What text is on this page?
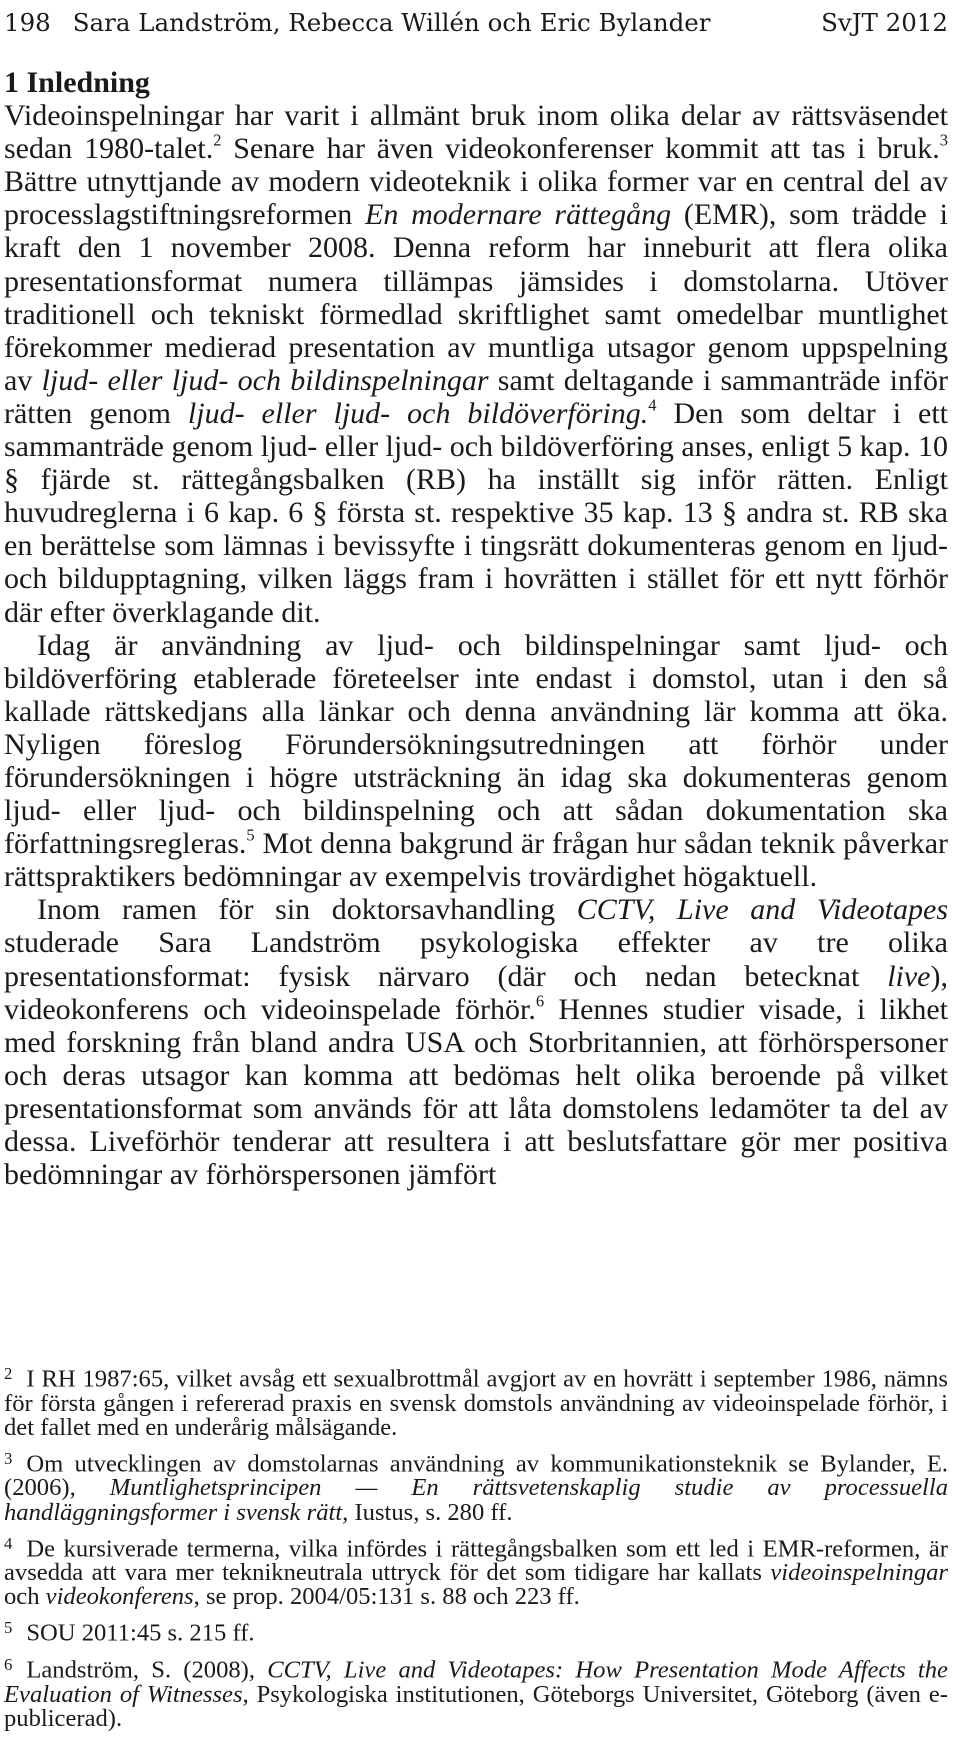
198 Sara Landström, Rebecca Willén och Eric Bylander	SvJT 2012
1 Inledning

Videoinspelningar har varit i allmänt bruk inom olika delar av rättsväsendet sedan 1980-talet.$^2$ Senare har även videokonferenser kommit att tas i bruk.$^3$ Bättre utnyttjande av modern videoteknik i olika former var en central del av processlagstiftningsreformen En modernare rättegång (EMR), som trädde i kraft den 1 november 2008. Denna reform har inneburit att flera olika presentationsformat numera tillämpas jämsides i domstolarna. Utöver traditionell och tekniskt förmedlad skriftlighet samt omedelbar muntlighet förekommer medierad presentation av muntliga utsagor genom uppspelning av ljud- eller ljud- och bildinspelningar samt deltagande i sammanträde inför rätten genom ljud- eller ljud- och bildöverföring.$^4$ Den som deltar i ett sammanträde genom ljud- eller ljud- och bildöverföring anses, enligt 5 kap. 10 § fjärde st. rättegångsbalken (RB) ha inställt sig inför rätten. Enligt huvudreglerna i 6 kap. 6 § första st. respektive 35 kap. 13 § andra st. RB ska en berättelse som lämnas i bevissyfte i tingsrätt dokumenteras genom en ljud- och bildupptagning, vilken läggs fram i hovrätten i stället för ett nytt förhör där efter överklagande dit.

Idag är användning av ljud- och bildinspelningar samt ljud- och bildöverföring etablerade företeelser inte endast i domstol, utan i den så kallade rättskedjans alla länkar och denna användning lär komma att öka. Nyligen föreslog Förundersökningsutredningen att förhör under förundersökningen i högre utsträckning än idag ska dokumenteras genom ljud- eller ljud- och bildinspelning och att sådan dokumentation ska författningsregleras.$^5$ Mot denna bakgrund är frågan hur sådan teknik påverkar rättspraktikers bedömningar av exempelvis trovärdighet högaktuell.

Inom ramen för sin doktorsavhandling CCTV, Live and Videotapes studerade Sara Landström psykologiska effekter av tre olika presentationsformat: fysisk närvaro (där och nedan betecknat live), videokonferens och videoinspelade förhör.$^6$ Hennes studier visade, i likhet med forskning från bland andra USA och Storbritannien, att förhörspersoner och deras utsagor kan komma att bedömas helt olika beroende på vilket presentationsformat som används för att låta domstolens ledamöter ta del av dessa. Liveförhör tenderar att resultera i att beslutsfattare gör mer positiva bedömningar av förhörspersonen jämfört

$^2$ I RH 1987:65, vilket avsåg ett sexualbrottmål avgjort av en hovrätt i september 1986, nämns för första gången i refererad praxis en svensk domstols användning av videoinspelade förhör, i det fallet med en underårig målsägande.

$^3$ Om utvecklingen av domstolarnas användning av kommunikationsteknik se Bylander, E. (2006), Muntlighetsprincipen — En rättsvetenskaplig studie av processuella handläggningsformer i svensk rätt, Iustus, s. 280 ff.

$^4$ De kursiverade termerna, vilka infördes i rättegångsbalken som ett led i EMR-reformen, är avsedda att vara mer teknikneutrala uttryck för det som tidigare har kallats videoinspelningar och videokonferens, se prop. 2004/05:131 s. 88 och 223 ff.

$^5$ SOU 2011:45 s. 215 ff.

$^6$ Landström, S. (2008), CCTV, Live and Videotapes: How Presentation Mode Affects the Evaluation of Witnesses, Psykologiska institutionen, Göteborgs Universitet, Göteborg (även e-publicerad).
